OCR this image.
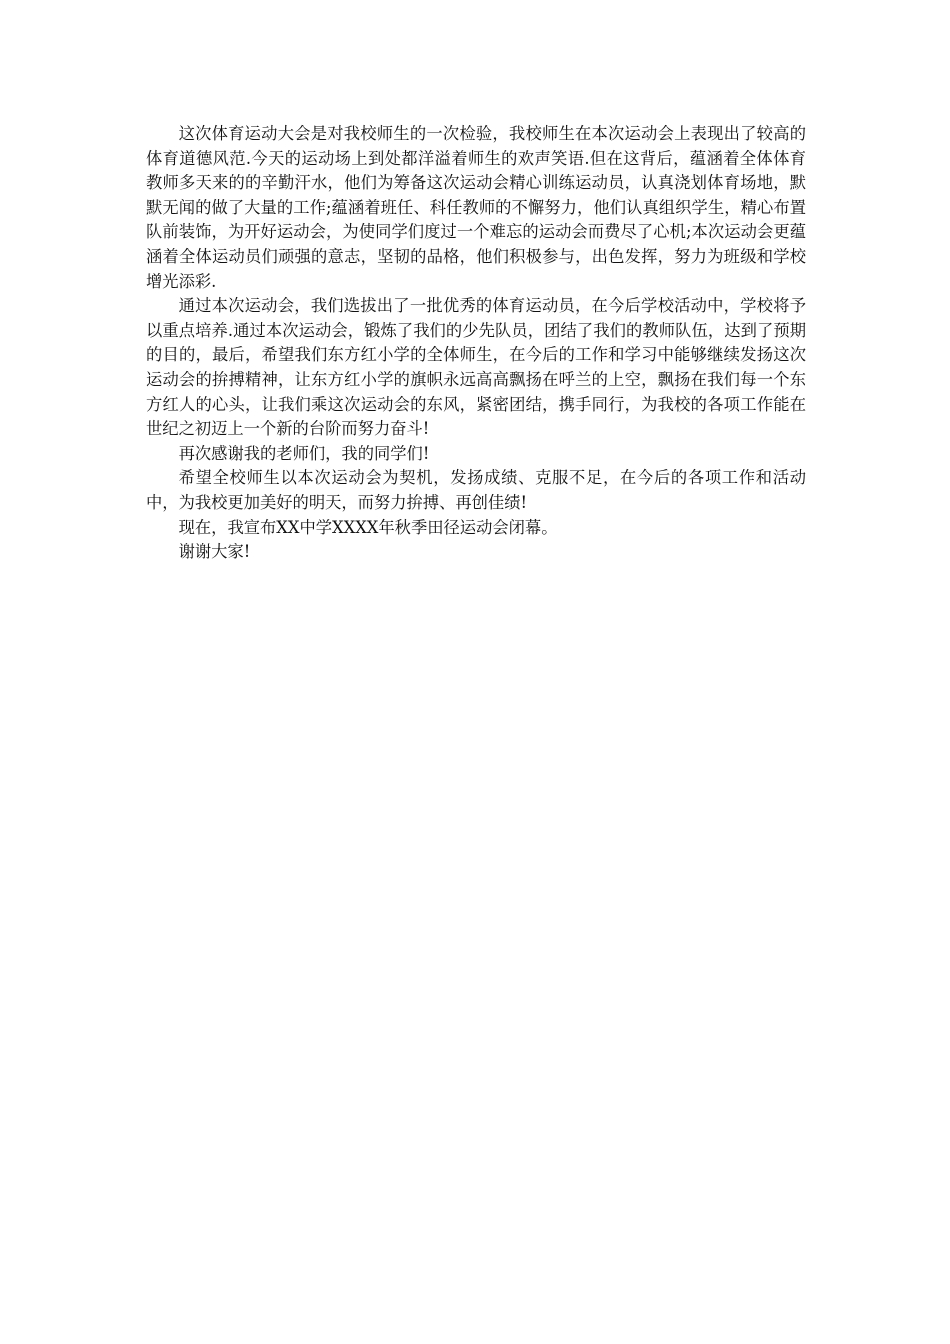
这次体育运动大会是对我校师生的一次检验，我校师生在本次运动会上表现出了较高的体育道德风范.今天的运动场上到处都洋溢着师生的欢声笑语.但在这背后，蕴涵着全体体育教师多天来的的辛勤汗水，他们为筹备这次运动会精心训练运动员，认真浇划体育场地，默默无闻的做了大量的工作;蕴涵着班任、科任教师的不懈努力，他们认真组织学生，精心布置队前装饰，为开好运动会，为使同学们度过一个难忘的运动会而费尽了心机;本次运动会更蕴涵着全体运动员们顽强的意志，坚韧的品格，他们积极参与，出色发挥，努力为班级和学校增光添彩.

通过本次运动会，我们选拔出了一批优秀的体育运动员，在今后学校活动中，学校将予以重点培养.通过本次运动会，锻炼了我们的少先队员，团结了我们的教师队伍，达到了预期的目的，最后，希望我们东方红小学的全体师生，在今后的工作和学习中能够继续发扬这次运动会的拚搏精神，让东方红小学的旗帜永远高高飘扬在呼兰的上空，飘扬在我们每一个东方红人的心头，让我们乘这次运动会的东风，紧密团结，携手同行，为我校的各项工作能在世纪之初迈上一个新的台阶而努力奋斗!

再次感谢我的老师们，我的同学们!

希望全校师生以本次运动会为契机，发扬成绩、克服不足，在今后的各项工作和活动中，为我校更加美好的明天，而努力拚搏、再创佳绩!

现在，我宣布XX中学XXXX年秋季田径运动会闭幕。

谢谢大家!
